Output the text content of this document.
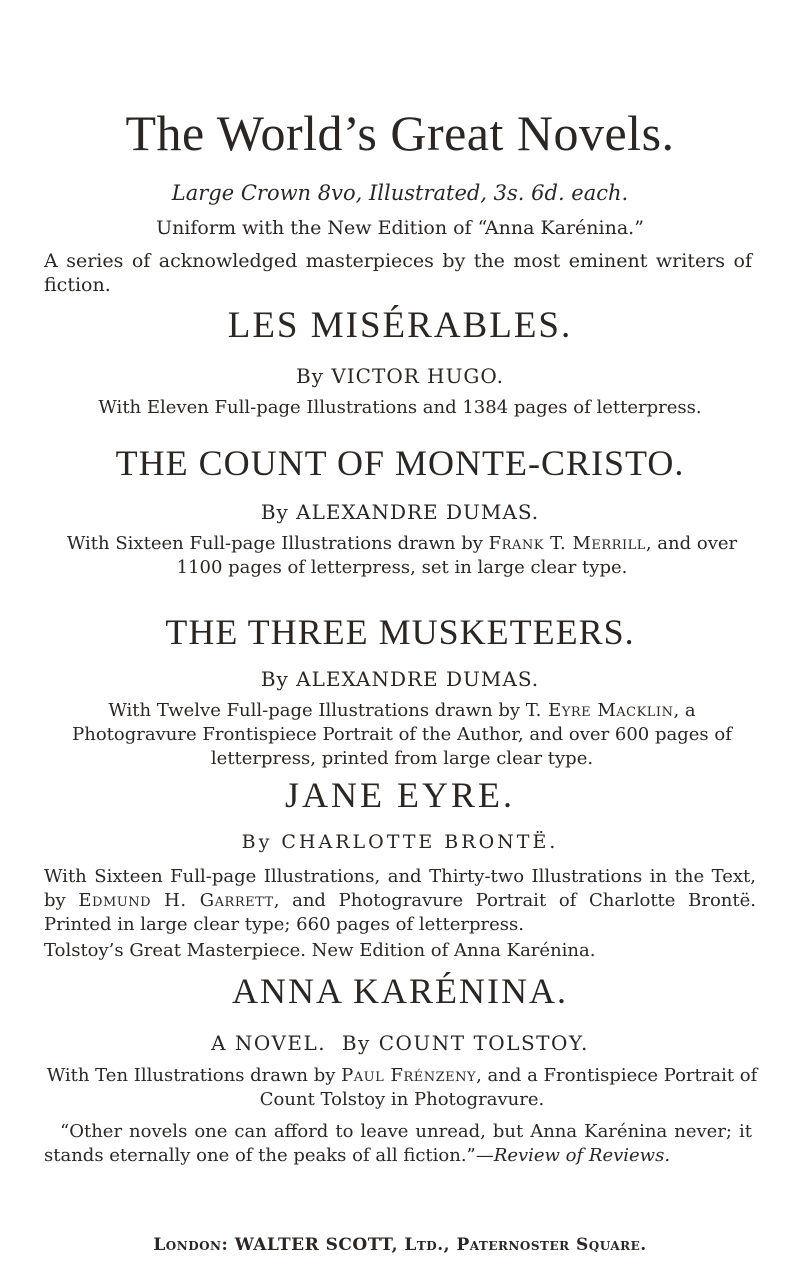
The World’s Great Novels.
Large Crown 8vo, Illustrated, 3s. 6d. each.
Uniform with the New Edition of “Anna Karénina.”
A series of acknowledged masterpieces by the most eminent writers of fiction.
LES MISÉRABLES.
By VICTOR HUGO.
With Eleven Full-page Illustrations and 1384 pages of letterpress.
THE COUNT OF MONTE-CRISTO.
By ALEXANDRE DUMAS.
With Sixteen Full-page Illustrations drawn by Frank T. Merrill, and over 1100 pages of letterpress, set in large clear type.
THE THREE MUSKETEERS.
By ALEXANDRE DUMAS.
With Twelve Full-page Illustrations drawn by T. Eyre Macklin, a Photogravure Frontispiece Portrait of the Author, and over 600 pages of letterpress, printed from large clear type.
JANE EYRE.
By CHARLOTTE BRONTË.
With Sixteen Full-page Illustrations, and Thirty-two Illustrations in the Text, by Edmund H. Garrett, and Photogravure Portrait of Charlotte Brontë. Printed in large clear type; 660 pages of letterpress.
Tolstoy’s Great Masterpiece. New Edition of Anna Karénina.
ANNA KARÉNINA.
A NOVEL.  By COUNT TOLSTOY.
With Ten Illustrations drawn by Paul Frénzeny, and a Frontispiece Portrait of Count Tolstoy in Photogravure.
“Other novels one can afford to leave unread, but Anna Karénina never; it stands eternally one of the peaks of all fiction.”—Review of Reviews.
London: WALTER SCOTT, Ltd., Paternoster Square.
